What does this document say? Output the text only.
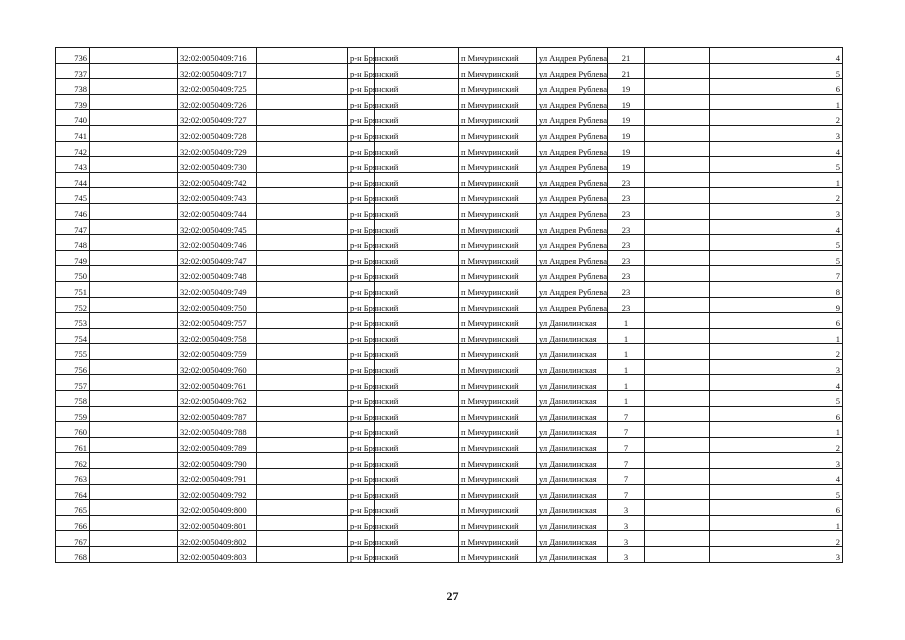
736		32:02:0050409:716		р-н Брянский		п Мичуринский	ул Андрея Рублева	21		4
737		32:02:0050409:717		р-н Брянский		п Мичуринский	ул Андрея Рублева	21		5
738		32:02:0050409:725		р-н Брянский		п Мичуринский	ул Андрея Рублева	19		6
739		32:02:0050409:726		р-н Брянский		п Мичуринский	ул Андрея Рублева	19		1
740		32:02:0050409:727		р-н Брянский		п Мичуринский	ул Андрея Рублева	19		2
741		32:02:0050409:728		р-н Брянский		п Мичуринский	ул Андрея Рублева	19		3
742		32:02:0050409:729		р-н Брянский		п Мичуринский	ул Андрея Рублева	19		4
743		32:02:0050409:730		р-н Брянский		п Мичуринский	ул Андрея Рублева	19		5
744		32:02:0050409:742		р-н Брянский		п Мичуринский	ул Андрея Рублева	23		1
745		32:02:0050409:743		р-н Брянский		п Мичуринский	ул Андрея Рублева	23		2
746		32:02:0050409:744		р-н Брянский		п Мичуринский	ул Андрея Рублева	23		3
747		32:02:0050409:745		р-н Брянский		п Мичуринский	ул Андрея Рублева	23		4
748		32:02:0050409:746		р-н Брянский		п Мичуринский	ул Андрея Рублева	23		5
749		32:02:0050409:747		р-н Брянский		п Мичуринский	ул Андрея Рублева	23		5
750		32:02:0050409:748		р-н Брянский		п Мичуринский	ул Андрея Рублева	23		7
751		32:02:0050409:749		р-н Брянский		п Мичуринский	ул Андрея Рублева	23		8
752		32:02:0050409:750		р-н Брянский		п Мичуринский	ул Андрея Рублева	23		9
753		32:02:0050409:757		р-н Брянский		п Мичуринский	ул Данилинская	1		6
754		32:02:0050409:758		р-н Брянский		п Мичуринский	ул Данилинская	1		1
755		32:02:0050409:759		р-н Брянский		п Мичуринский	ул Данилинская	1		2
756		32:02:0050409:760		р-н Брянский		п Мичуринский	ул Данилинская	1		3
757		32:02:0050409:761		р-н Брянский		п Мичуринский	ул Данилинская	1		4
758		32:02:0050409:762		р-н Брянский		п Мичуринский	ул Данилинская	1		5
759		32:02:0050409:787		р-н Брянский		п Мичуринский	ул Данилинская	7		6
760		32:02:0050409:788		р-н Брянский		п Мичуринский	ул Данилинская	7		1
761		32:02:0050409:789		р-н Брянский		п Мичуринский	ул Данилинская	7		2
762		32:02:0050409:790		р-н Брянский		п Мичуринский	ул Данилинская	7		3
763		32:02:0050409:791		р-н Брянский		п Мичуринский	ул Данилинская	7		4
764		32:02:0050409:792		р-н Брянский		п Мичуринский	ул Данилинская	7		5
765		32:02:0050409:800		р-н Брянский		п Мичуринский	ул Данилинская	3		6
766		32:02:0050409:801		р-н Брянский		п Мичуринский	ул Данилинская	3		1
767		32:02:0050409:802		р-н Брянский		п Мичуринский	ул Данилинская	3		2
768		32:02:0050409:803		р-н Брянский		п Мичуринский	ул Данилинская	3		3
27
